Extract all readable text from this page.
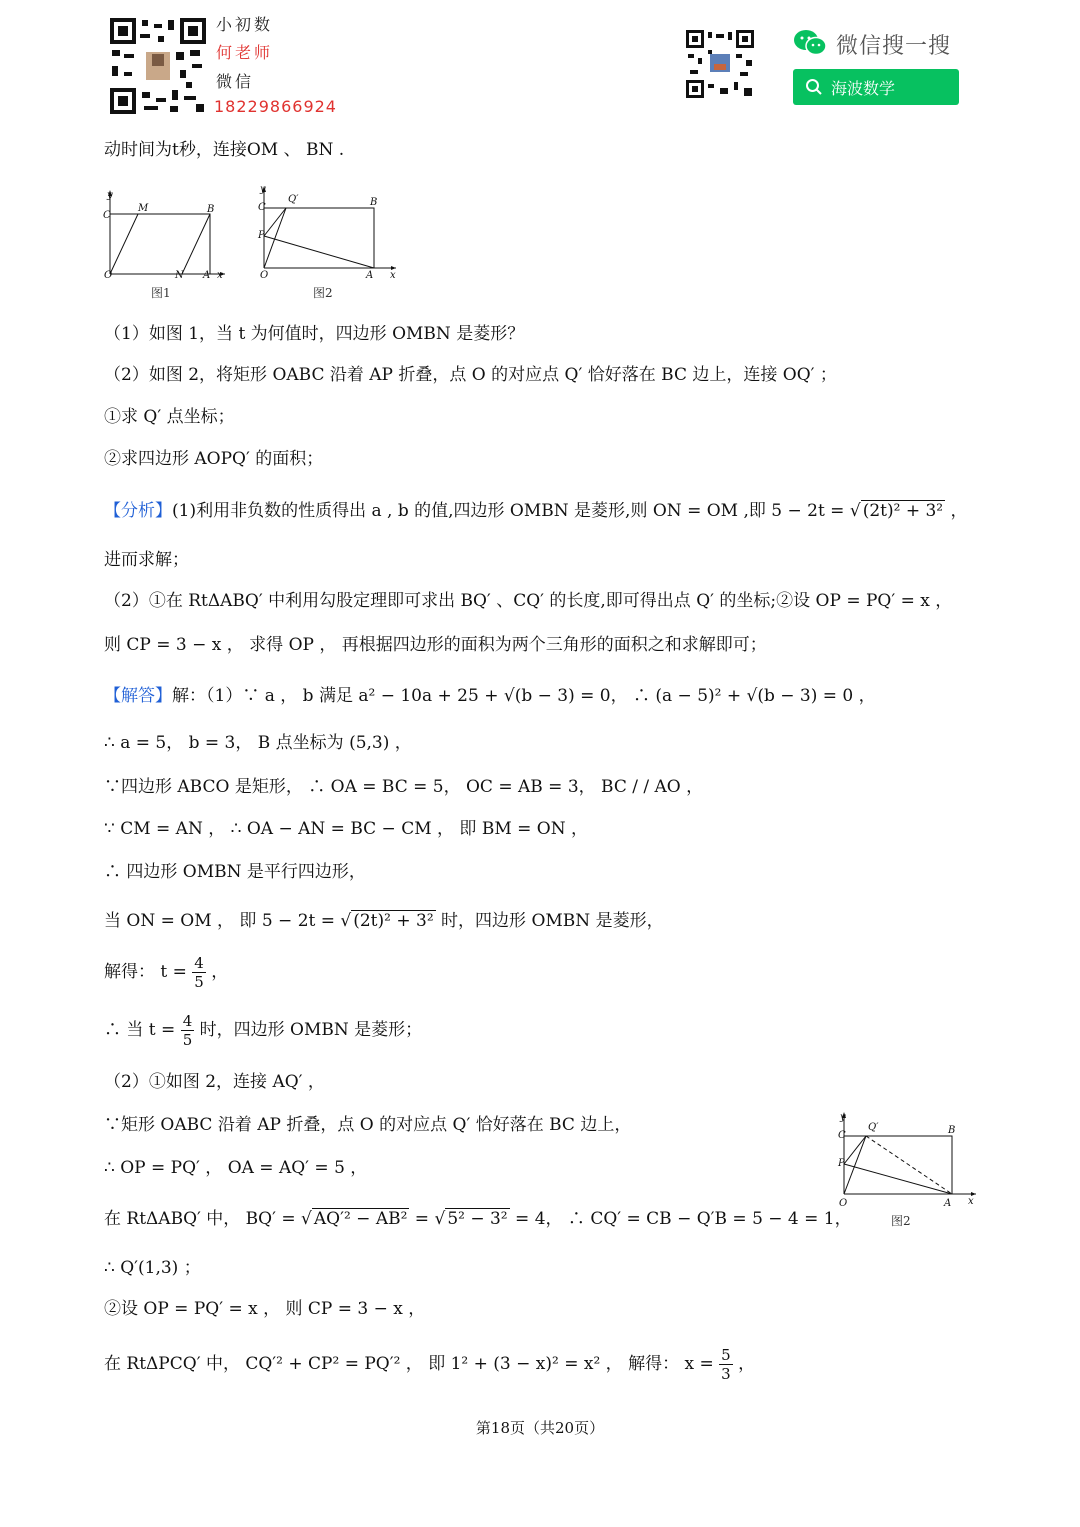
小初数
何老师
微信
18229866924
微信搜一搜
海波数学
动时间为t秒，连接OM 、 BN .
y
C
M	B
O	N A x
图1
y
C
Q′	B
P
O	A x
图2
（1）如图 1，当 t 为何值时，四边形 OMBN 是菱形？
（2）如图 2，将矩形 OABC 沿着 AP 折叠，点 O 的对应点 Q′ 恰好落在 BC 边上，连接 OQ′ ；
①求 Q′ 点坐标；
②求四边形 AOPQ′ 的面积；
【分析】(1)利用非负数的性质得出 a , b 的值,四边形 OMBN 是菱形,则 ON = OM ,即 5 − 2t = √ (2t)² + 3² ，
进而求解；
（2）①在 RtΔABQ′ 中利用勾股定理即可求出 BQ′ 、CQ′ 的长度,即可得出点 Q′ 的坐标;②设 OP = PQ′ = x ，
则 CP = 3 − x ， 求得 OP ， 再根据四边形的面积为两个三角形的面积之和求解即可；
【解答】解：（1）∵ a ， b 满足 a² − 10a + 25 + √(b − 3) = 0， ∴ (a − 5)² + √(b − 3) = 0 ，
∴ a = 5， b = 3， B 点坐标为 (5,3) ，
∵四边形 ABCO 是矩形， ∴ OA = BC = 5， OC = AB = 3， BC / / AO ，
∵ CM = AN ， ∴ OA − AN = BC − CM ， 即 BM = ON ，
∴ 四边形 OMBN 是平行四边形，
当 ON = OM ， 即 5 − 2t = √ (2t)² + 3² 时，四边形 OMBN 是菱形，
解得： $t = \frac{4}{5}$ ，
∴ 当 $t = \frac{4}{5}$ 时，四边形 OMBN 是菱形；
（2）①如图 2，连接 AQ′ ，
∵矩形 OABC 沿着 AP 折叠，点 O 的对应点 Q′ 恰好落在 BC 边上，
∴ OP = PQ′ ， OA = AQ′ = 5 ，
在 RtΔABQ′ 中， BQ′ = √ AQ′² − AB² = √ 5² − 3² = 4， ∴ CQ′ = CB − Q′B = 5 − 4 = 1，
∴ Q′(1,3) ；
②设 OP = PQ′ = x ， 则 CP = 3 − x ，
在 RtΔPCQ′ 中， CQ′² + CP² = PQ′² ， 即 1² + (3 − x)² = x² ， 解得： $x = \frac{5}{3}$ ，
y
C
Q′	B
P
O	A x
图2
第18页（共20页）
